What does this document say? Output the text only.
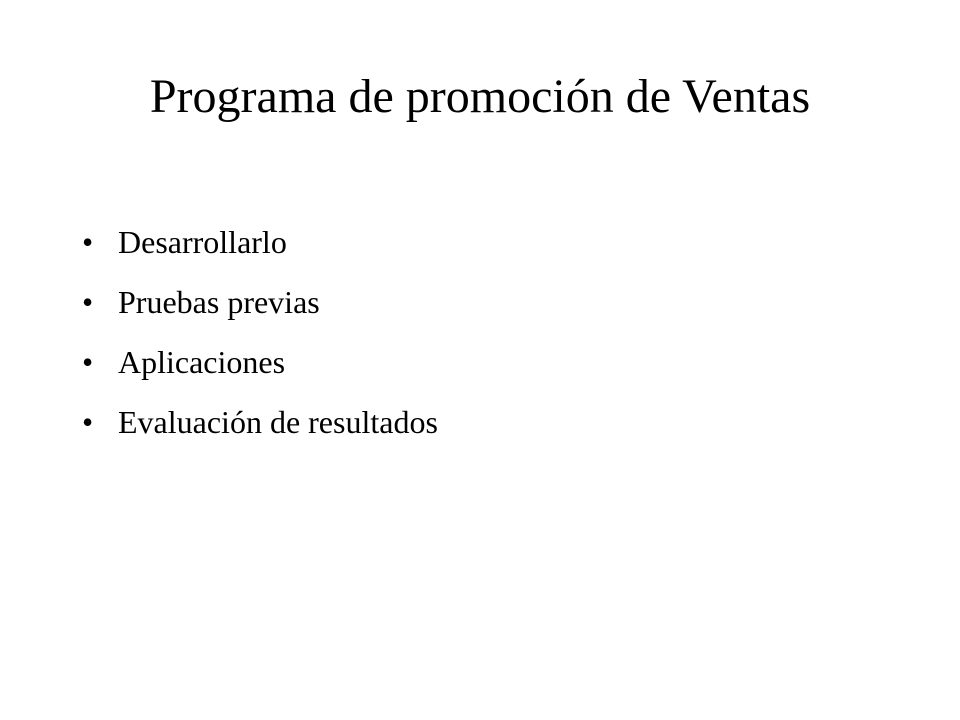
Programa de promoción de Ventas
• Desarrollarlo
• Pruebas previas
• Aplicaciones
• Evaluación de resultados
